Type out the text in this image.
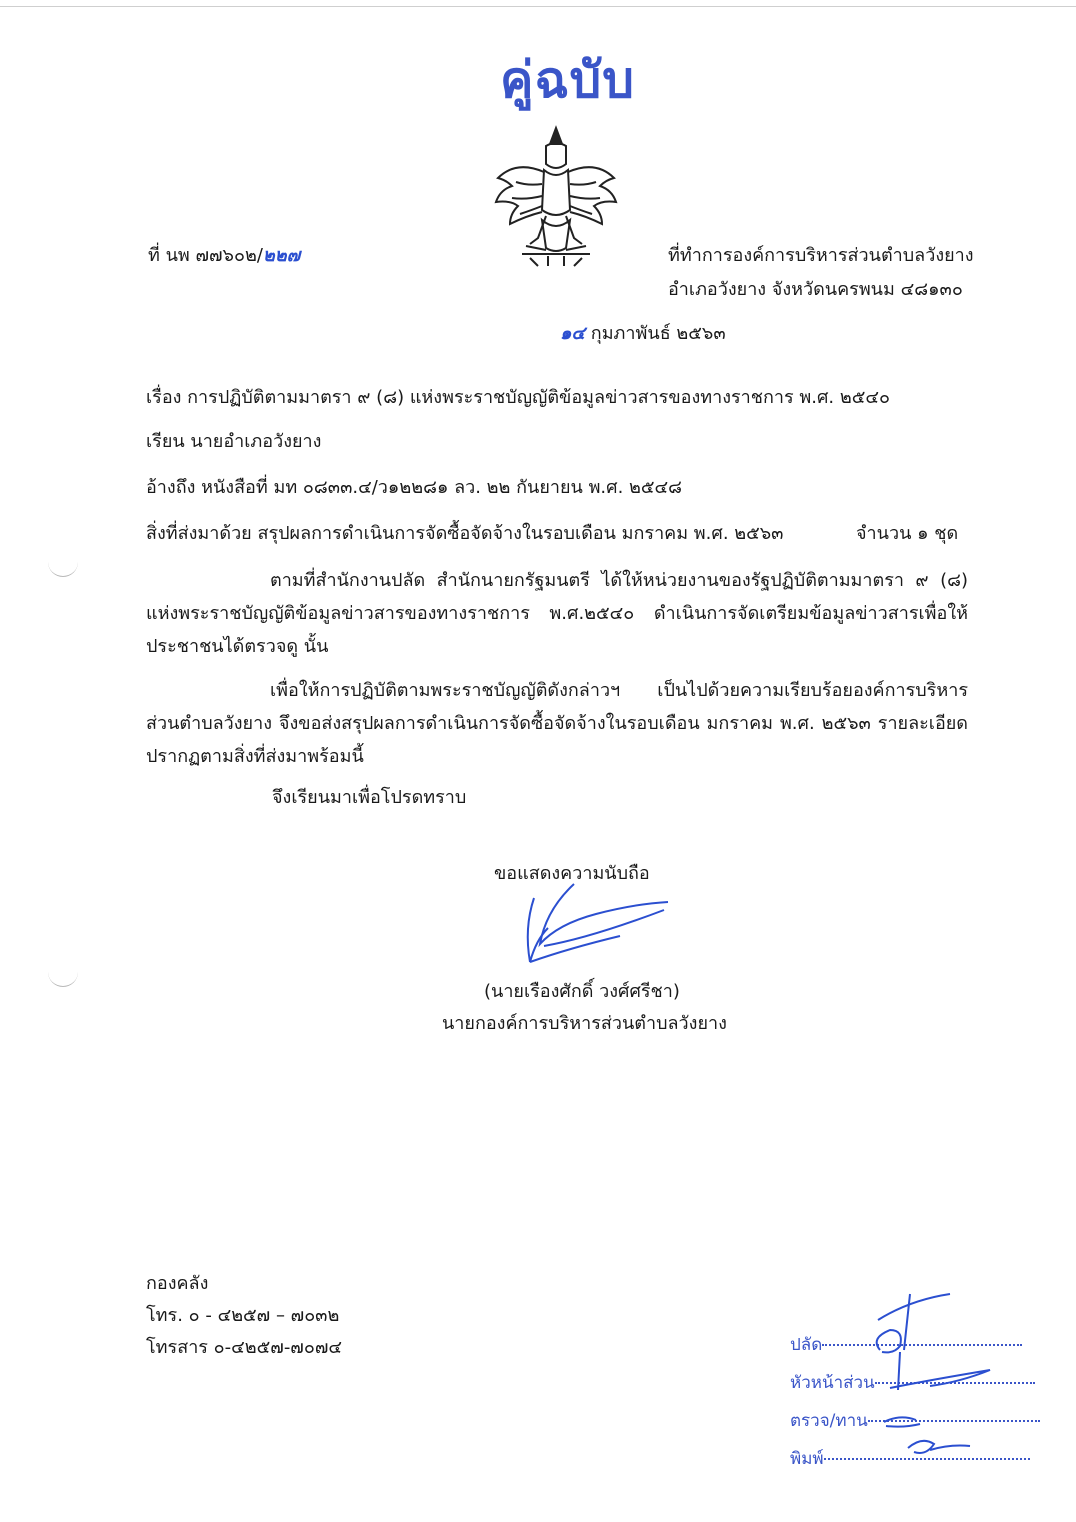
คู่ฉบับ
ที่ นพ ๗๗๖๐๒/๒๒๗	ที่ทำการองค์การบริหารส่วนตำบลวังยาง
อำเภอวังยาง จังหวัดนครพนม ๔๘๑๓๐
๑๔ กุมภาพันธ์ ๒๕๖๓
เรื่อง การปฏิบัติตามมาตรา ๙ (๘) แห่งพระราชบัญญัติข้อมูลข่าวสารของทางราชการ พ.ศ. ๒๕๔๐
เรียน นายอำเภอวังยาง
อ้างถึง หนังสือที่ มท ๐๘๓๓.๔/ว๑๒๒๘๑ ลว. ๒๒ กันยายน พ.ศ. ๒๕๔๘
สิ่งที่ส่งมาด้วย สรุปผลการดำเนินการจัดซื้อจัดจ้างในรอบเดือน มกราคม พ.ศ. ๒๕๖๓	จำนวน ๑ ชุด
ตามที่สำนักงานปลัด สำนักนายกรัฐมนตรี ได้ให้หน่วยงานของรัฐปฏิบัติตามมาตรา ๙ (๘) แห่งพระราชบัญญัติข้อมูลข่าวสารของทางราชการ พ.ศ.๒๕๔๐ ดำเนินการจัดเตรียมข้อมูลข่าวสารเพื่อให้ประชาชนได้ตรวจดู นั้น
เพื่อให้การปฏิบัติตามพระราชบัญญัติดังกล่าวฯ เป็นไปด้วยความเรียบร้อยองค์การบริหารส่วนตำบลวังยาง จึงขอส่งสรุปผลการดำเนินการจัดซื้อจัดจ้างในรอบเดือน มกราคม พ.ศ. ๒๕๖๓ รายละเอียดปรากฏตามสิ่งที่ส่งมาพร้อมนี้
จึงเรียนมาเพื่อโปรดทราบ
ขอแสดงความนับถือ
(นายเรืองศักดิ์ วงศ์ศรีชา)
นายกองค์การบริหารส่วนตำบลวังยาง
กองคลัง
โทร. ๐ - ๔๒๕๗ – ๗๐๓๒
โทรสาร ๐-๔๒๕๗-๗๐๗๔	ปลัด
หัวหน้าส่วน
ตรวจ/ทาน
พิมพ์
